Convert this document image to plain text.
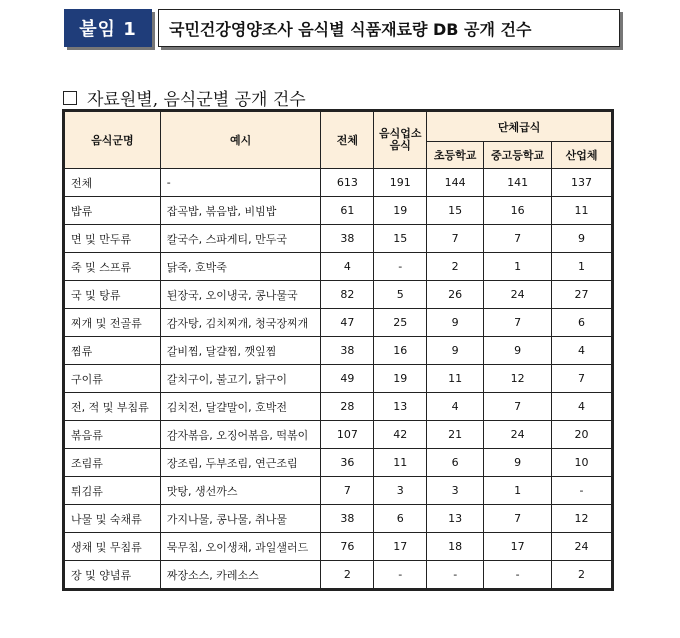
붙임 1	국민건강영양조사 음식별 식품재료량 DB 공개 건수
자료원별, 음식군별 공개 건수
음식군명	예시	전체	음식업소 음식	단체급식		
				초등학교	중고등학교	산업체
전체	-	613	191	144	141	137
밥류	잡곡밥, 볶음밥, 비빔밥	61	19	15	16	11
면 및 만두류	칼국수, 스파게티, 만두국	38	15	7	7	9
죽 및 스프류	닭죽, 호박죽	4	-	2	1	1
국 및 탕류	된장국, 오이냉국, 콩나물국	82	5	26	24	27
찌개 및 전골류	감자탕, 김치찌개, 청국장찌개	47	25	9	7	6
찜류	갈비찜, 달걀찜, 깻잎찜	38	16	9	9	4
구이류	갈치구이, 불고기, 닭구이	49	19	11	12	7
전, 적 및 부침류	김치전, 달걀말이, 호박전	28	13	4	7	4
볶음류	감자볶음, 오징어볶음, 떡볶이	107	42	21	24	20
조림류	장조림, 두부조림, 연근조림	36	11	6	9	10
튀김류	맛탕, 생선까스	7	3	3	1	-
나물 및 숙채류	가지나물, 콩나물, 취나물	38	6	13	7	12
생채 및 무침류	묵무침, 오이생채, 과일샐러드	76	17	18	17	24
장 및 양념류	짜장소스, 카레소스	2	-	-	-	2
